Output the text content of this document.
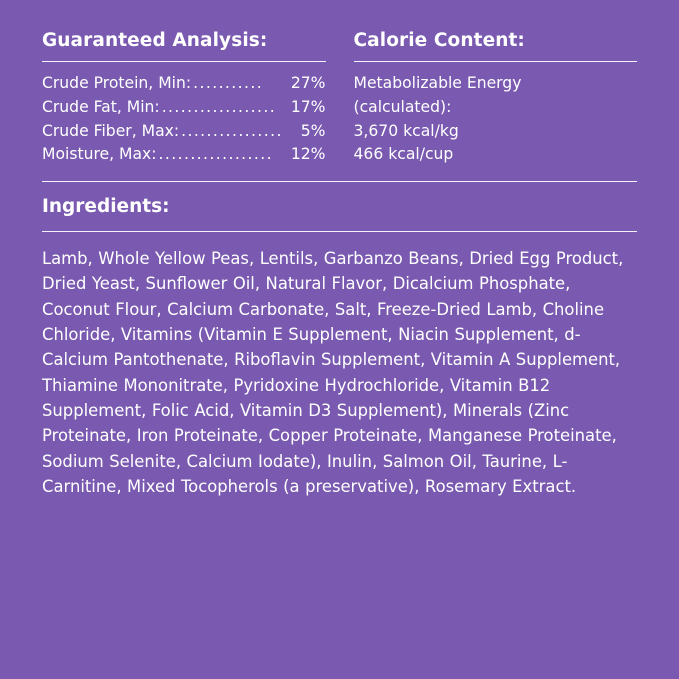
Guaranteed Analysis:
Crude Protein, Min: ...........	27%
Crude Fat, Min: .................. 17%
Crude Fiber, Max: ................	5%
Moisture, Max: ..................	12%
Calorie Content:
Metabolizable Energy
(calculated):
3,670 kcal/kg
466 kcal/cup
Ingredients:

Lamb, Whole Yellow Peas, Lentils, Garbanzo Beans, Dried Egg Product, Dried Yeast, Sunflower Oil, Natural Flavor, Dicalcium Phosphate, Coconut Flour, Calcium Carbonate, Salt, Freeze-Dried Lamb, Choline Chloride, Vitamins (Vitamin E Supplement, Niacin Supplement, d-Calcium Pantothenate, Riboflavin Supplement, Vitamin A Supplement, Thiamine Mononitrate, Pyridoxine Hydrochloride, Vitamin B12 Supplement, Folic Acid, Vitamin D3 Supplement), Minerals (Zinc Proteinate, Iron Proteinate, Copper Proteinate, Manganese Proteinate, Sodium Selenite, Calcium Iodate), Inulin, Salmon Oil, Taurine, L-Carnitine, Mixed Tocopherols (a preservative), Rosemary Extract.
